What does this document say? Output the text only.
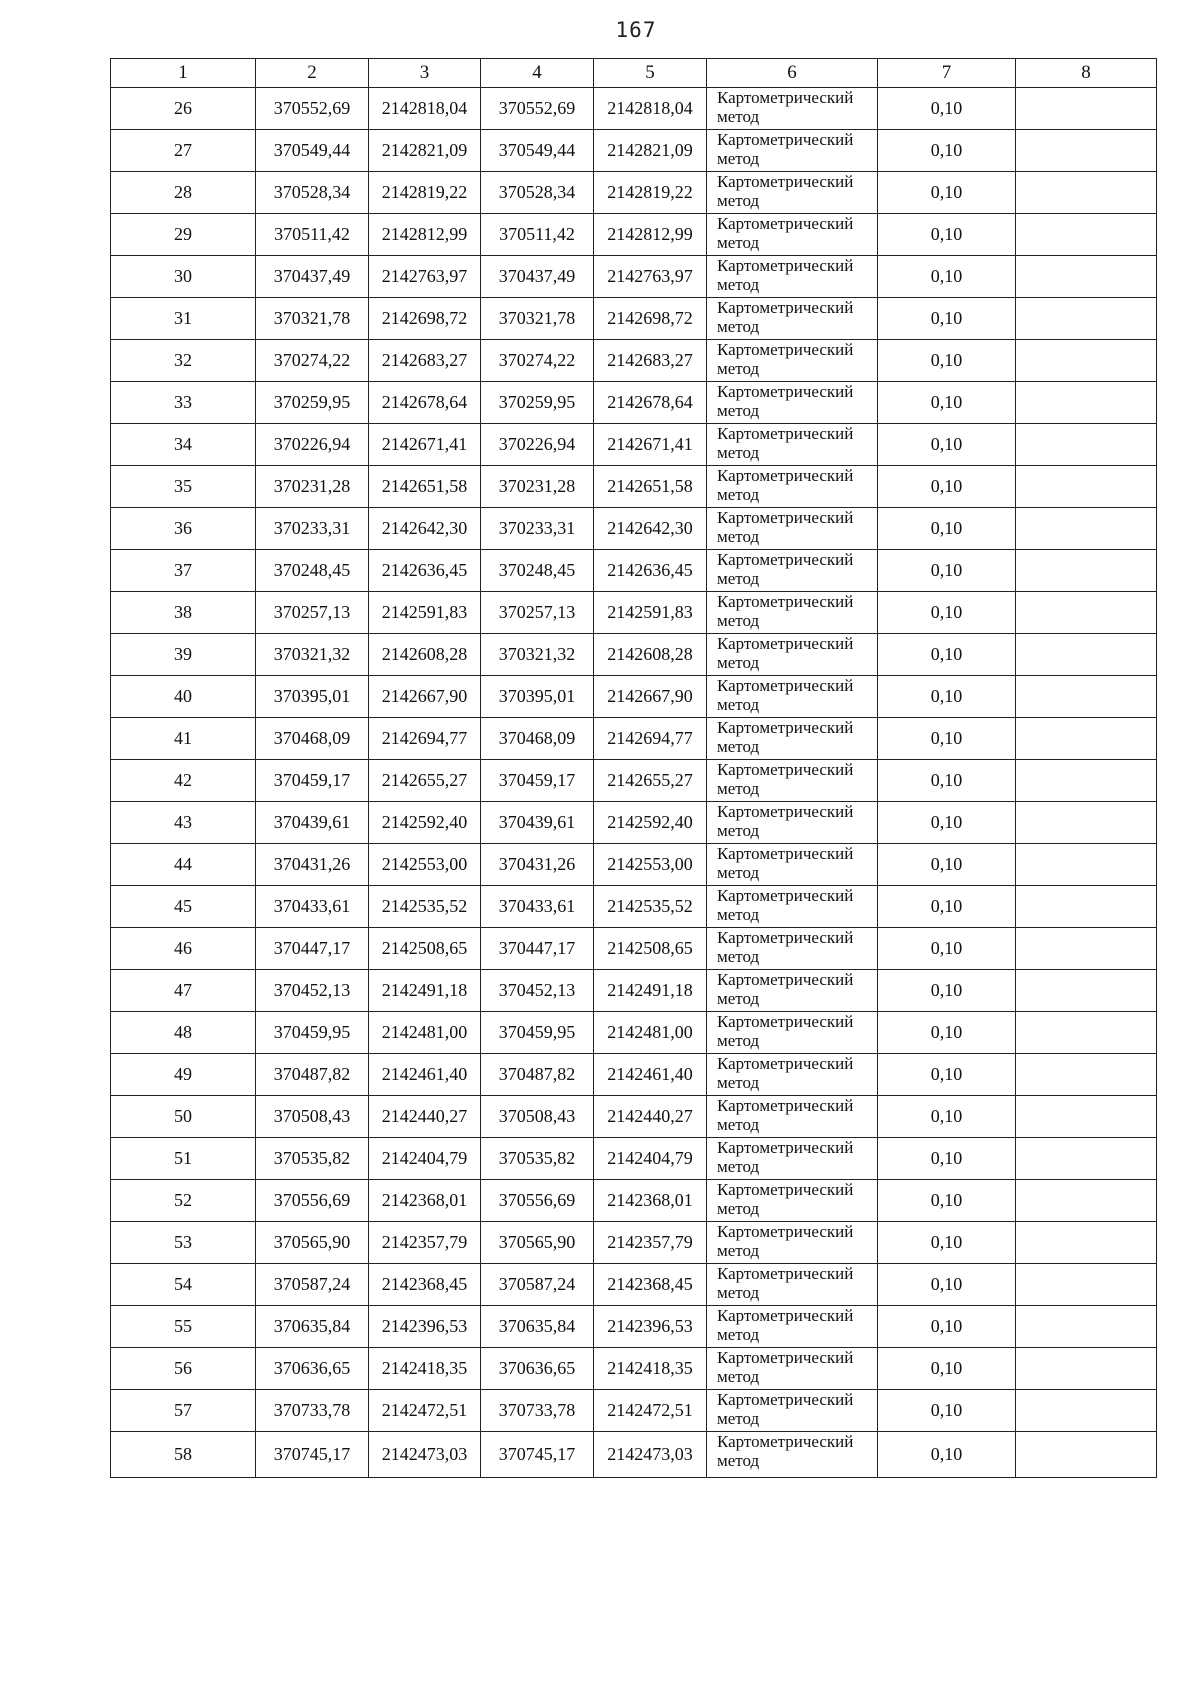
167
1	2	3	4	5	6	7	8
26	370552,69	2142818,04	370552,69	2142818,04	Картометрический
метод	0,10	
27	370549,44	2142821,09	370549,44	2142821,09	Картометрический
метод	0,10	
28	370528,34	2142819,22	370528,34	2142819,22	Картометрический
метод	0,10	
29	370511,42	2142812,99	370511,42	2142812,99	Картометрический
метод	0,10	
30	370437,49	2142763,97	370437,49	2142763,97	Картометрический
метод	0,10	
31	370321,78	2142698,72	370321,78	2142698,72	Картометрический
метод	0,10	
32	370274,22	2142683,27	370274,22	2142683,27	Картометрический
метод	0,10	
33	370259,95	2142678,64	370259,95	2142678,64	Картометрический
метод	0,10	
34	370226,94	2142671,41	370226,94	2142671,41	Картометрический
метод	0,10	
35	370231,28	2142651,58	370231,28	2142651,58	Картометрический
метод	0,10	
36	370233,31	2142642,30	370233,31	2142642,30	Картометрический
метод	0,10	
37	370248,45	2142636,45	370248,45	2142636,45	Картометрический
метод	0,10	
38	370257,13	2142591,83	370257,13	2142591,83	Картометрический
метод	0,10	
39	370321,32	2142608,28	370321,32	2142608,28	Картометрический
метод	0,10	
40	370395,01	2142667,90	370395,01	2142667,90	Картометрический
метод	0,10	
41	370468,09	2142694,77	370468,09	2142694,77	Картометрический
метод	0,10	
42	370459,17	2142655,27	370459,17	2142655,27	Картометрический
метод	0,10	
43	370439,61	2142592,40	370439,61	2142592,40	Картометрический
метод	0,10	
44	370431,26	2142553,00	370431,26	2142553,00	Картометрический
метод	0,10	
45	370433,61	2142535,52	370433,61	2142535,52	Картометрический
метод	0,10	
46	370447,17	2142508,65	370447,17	2142508,65	Картометрический
метод	0,10	
47	370452,13	2142491,18	370452,13	2142491,18	Картометрический
метод	0,10	
48	370459,95	2142481,00	370459,95	2142481,00	Картометрический
метод	0,10	
49	370487,82	2142461,40	370487,82	2142461,40	Картометрический
метод	0,10	
50	370508,43	2142440,27	370508,43	2142440,27	Картометрический
метод	0,10	
51	370535,82	2142404,79	370535,82	2142404,79	Картометрический
метод	0,10	
52	370556,69	2142368,01	370556,69	2142368,01	Картометрический
метод	0,10	
53	370565,90	2142357,79	370565,90	2142357,79	Картометрический
метод	0,10	
54	370587,24	2142368,45	370587,24	2142368,45	Картометрический
метод	0,10	
55	370635,84	2142396,53	370635,84	2142396,53	Картометрический
метод	0,10	
56	370636,65	2142418,35	370636,65	2142418,35	Картометрический
метод	0,10	
57	370733,78	2142472,51	370733,78	2142472,51	Картометрический
метод	0,10	
58	370745,17	2142473,03	370745,17	2142473,03	Картометрический
метод	0,10	
